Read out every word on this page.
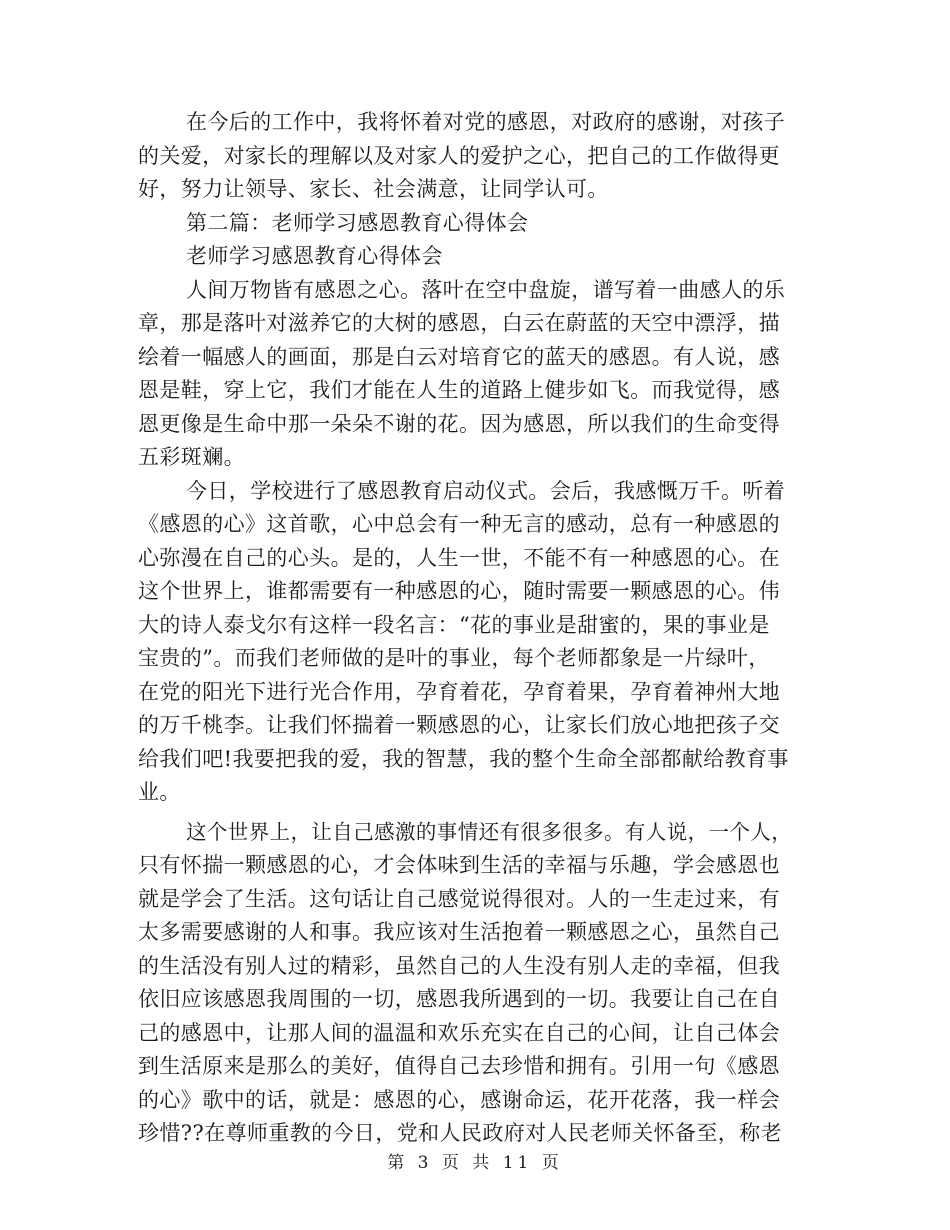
在今后的工作中，我将怀着对党的感恩，对政府的感谢，对孩子
的关爱，对家长的理解以及对家人的爱护之心，把自己的工作做得更
好，努力让领导、家长、社会满意，让同学认可。
第二篇：老师学习感恩教育心得体会
老师学习感恩教育心得体会
人间万物皆有感恩之心。落叶在空中盘旋，谱写着一曲感人的乐
章，那是落叶对滋养它的大树的感恩，白云在蔚蓝的天空中漂浮，描
绘着一幅感人的画面，那是白云对培育它的蓝天的感恩。有人说，感
恩是鞋，穿上它，我们才能在人生的道路上健步如飞。而我觉得，感
恩更像是生命中那一朵朵不谢的花。因为感恩，所以我们的生命变得
五彩斑斓。
今日，学校进行了感恩教育启动仪式。会后，我感慨万千。听着
《感恩的心》这首歌，心中总会有一种无言的感动，总有一种感恩的
心弥漫在自己的心头。是的，人生一世，不能不有一种感恩的心。在
这个世界上，谁都需要有一种感恩的心，随时需要一颗感恩的心。伟
大的诗人泰戈尔有这样一段名言：“花的事业是甜蜜的，果的事业是
宝贵的”。而我们老师做的是叶的事业，每个老师都象是一片绿叶，
在党的阳光下进行光合作用，孕育着花，孕育着果，孕育着神州大地
的万千桃李。让我们怀揣着一颗感恩的心，让家长们放心地把孩子交
给我们吧!我要把我的爱，我的智慧，我的整个生命全部都献给教育事
业。
这个世界上，让自己感激的事情还有很多很多。有人说，一个人，
只有怀揣一颗感恩的心，才会体味到生活的幸福与乐趣，学会感恩也
就是学会了生活。这句话让自己感觉说得很对。人的一生走过来，有
太多需要感谢的人和事。我应该对生活抱着一颗感恩之心，虽然自己
的生活没有别人过的精彩，虽然自己的人生没有别人走的幸福，但我
依旧应该感恩我周围的一切，感恩我所遇到的一切。我要让自己在自
己的感恩中，让那人间的温温和欢乐充实在自己的心间，让自己体会
到生活原来是那么的美好，值得自己去珍惜和拥有。引用一句《感恩
的心》歌中的话，就是：感恩的心，感谢命运，花开花落，我一样会
珍惜??在尊师重教的今日，党和人民政府对人民老师关怀备至，称老
第 3 页 共 11 页
